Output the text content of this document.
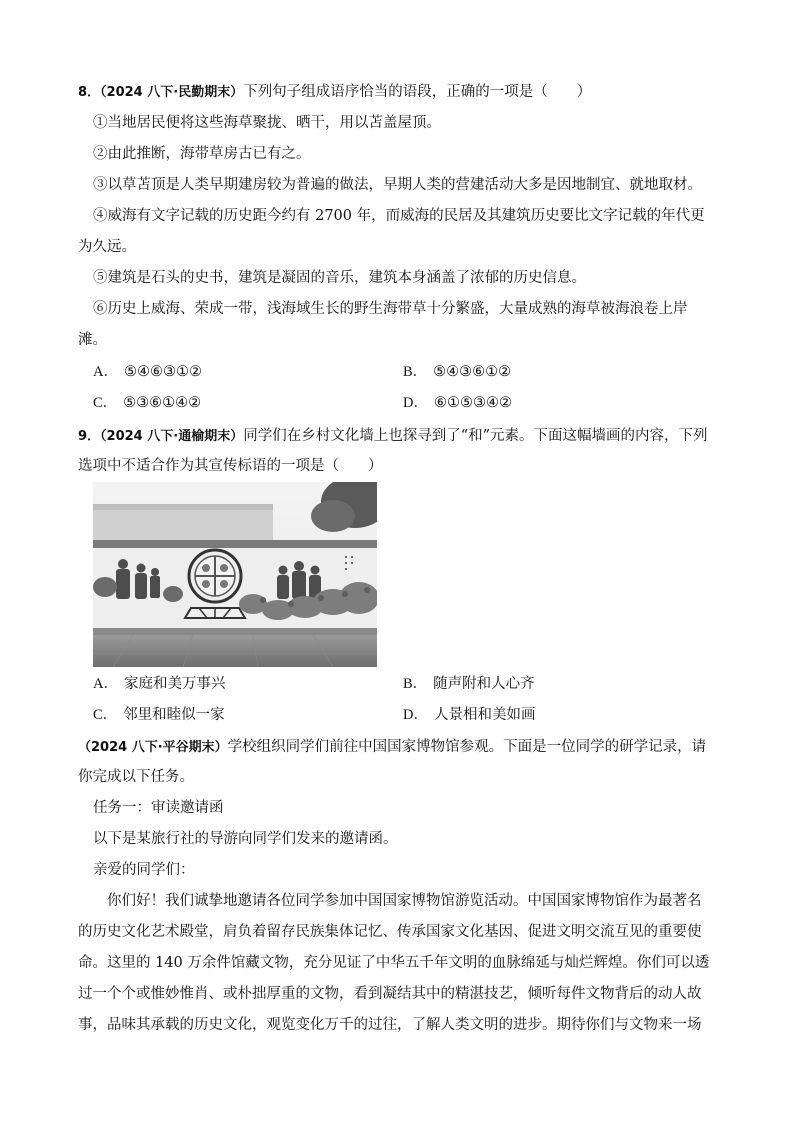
8．（2024 八下·民勤期末）下列句子组成语序恰当的语段，正确的一项是（　　）
①当地居民便将这些海草聚拢、晒干，用以苫盖屋顶。
②由此推断，海带草房古已有之。
③以草苫顶是人类早期建房较为普遍的做法，早期人类的营建活动大多是因地制宜、就地取材。
④威海有文字记载的历史距今约有 2700 年，而威海的民居及其建筑历史要比文字记载的年代更
为久远。
⑤建筑是石头的史书，建筑是凝固的音乐，建筑本身涵盖了浓郁的历史信息。
⑥历史上威海、荣成一带，浅海域生长的野生海带草十分繁盛，大量成熟的海草被海浪卷上岸
滩。
A． ⑤④⑥③①②	B． ⑤④③⑥①②
C． ⑤③⑥①④②	D． ⑥①⑤③④②
9．（2024 八下·通榆期末）同学们在乡村文化墙上也探寻到了“和”元素。下面这幅墙画的内容，下列
选项中不适合作为其宣传标语的一项是（　　）
A． 家庭和美万事兴	B． 随声附和人心齐
C． 邻里和睦似一家	D． 人景相和美如画
（2024 八下·平谷期末）学校组织同学们前往中国国家博物馆参观。下面是一位同学的研学记录，请
你完成以下任务。
任务一：审读邀请函
以下是某旅行社的导游向同学们发来的邀请函。
亲爱的同学们：
你们好！我们诚挚地邀请各位同学参加中国国家博物馆游览活动。中国国家博物馆作为最著名
的历史文化艺术殿堂，肩负着留存民族集体记忆、传承国家文化基因、促进文明交流互见的重要使
命。这里的 140 万余件馆藏文物，充分见证了中华五千年文明的血脉绵延与灿烂辉煌。你们可以透
过一个个或惟妙惟肖、或朴拙厚重的文物，看到凝结其中的精湛技艺，倾听每件文物背后的动人故
事，品味其承载的历史文化，观览变化万千的过往，了解人类文明的进步。期待你们与文物来一场
